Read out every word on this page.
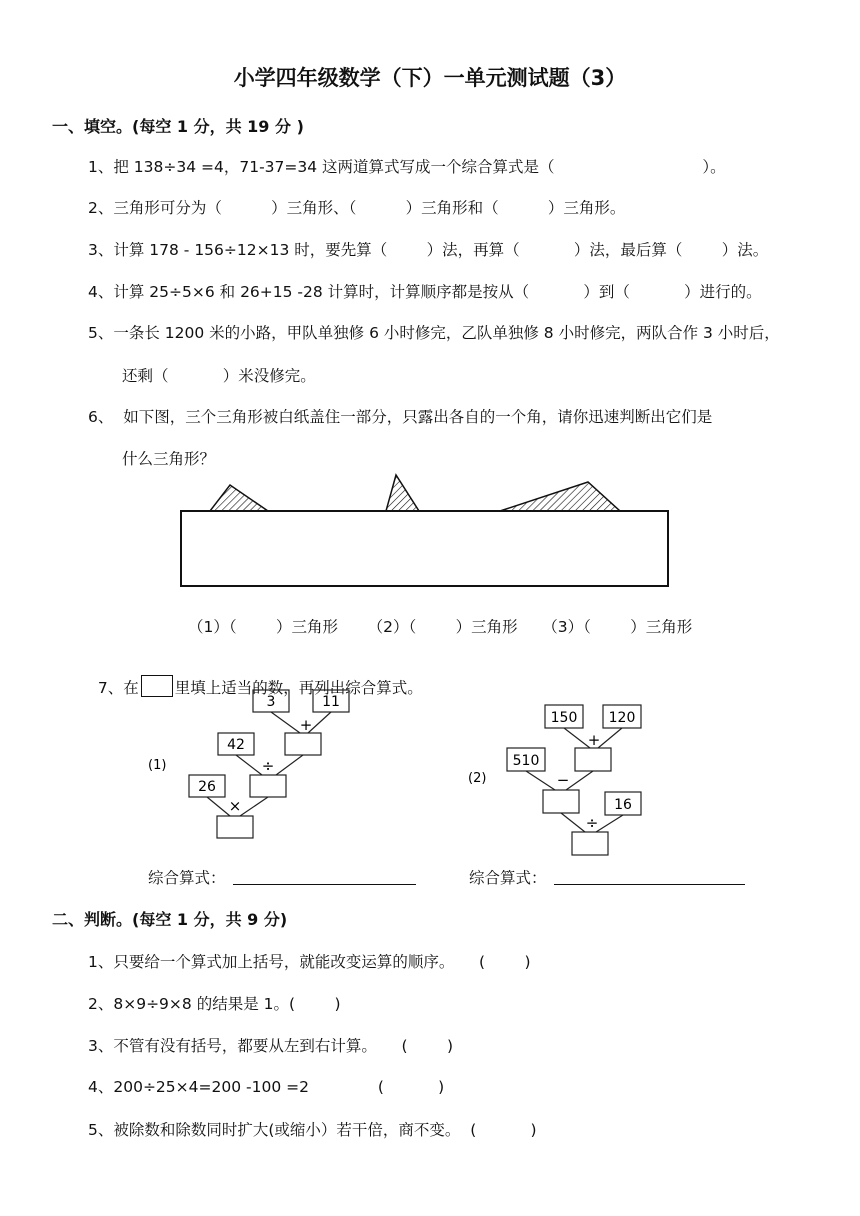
小学四年级数学（下）一单元测试题（3）
一、填空。(每空 1 分，共 19 分 )
1、把 138÷34 =4，71-37=34 这两道算式写成一个综合算式是（                              ）。
2、三角形可分为（          ）三角形、（          ）三角形和（          ）三角形。
3、计算 178 - 156÷12×13 时，要先算（        ）法，再算（           ）法，最后算（        ）法。
4、计算 25÷5×6 和 26+15 -28 计算时，计算顺序都是按从（           ）到（           ）进行的。
5、一条长 1200 米的小路，甲队单独修 6 小时修完，乙队单独修 8 小时修完，两队合作 3 小时后，
还剩（           ）米没修完。
6、  如下图，三个三角形被白纸盖住一部分，只露出各自的一个角，请你迅速判断出它们是
什么三角形？
（1）（        ）三角形      （2）（        ）三角形     （3）（        ）三角形

7、在 里填上适当的数，再列出综合算式。

3	11
+
42
÷
26
×
(1)
150 120
+
510
−
16
÷
(2)
综合算式：	综合算式：
二、判断。(每空 1 分，共 9 分)
1、只要给一个算式加上括号，就能改变运算的顺序。     (        )
2、8×9÷9×8 的结果是 1。(        )
3、不管有没有括号，都要从左到右计算。     (        )
4、200÷25×4=200 -100 =2              (           )
5、被除数和除数同时扩大(或缩小）若干倍，商不变。  (           )
